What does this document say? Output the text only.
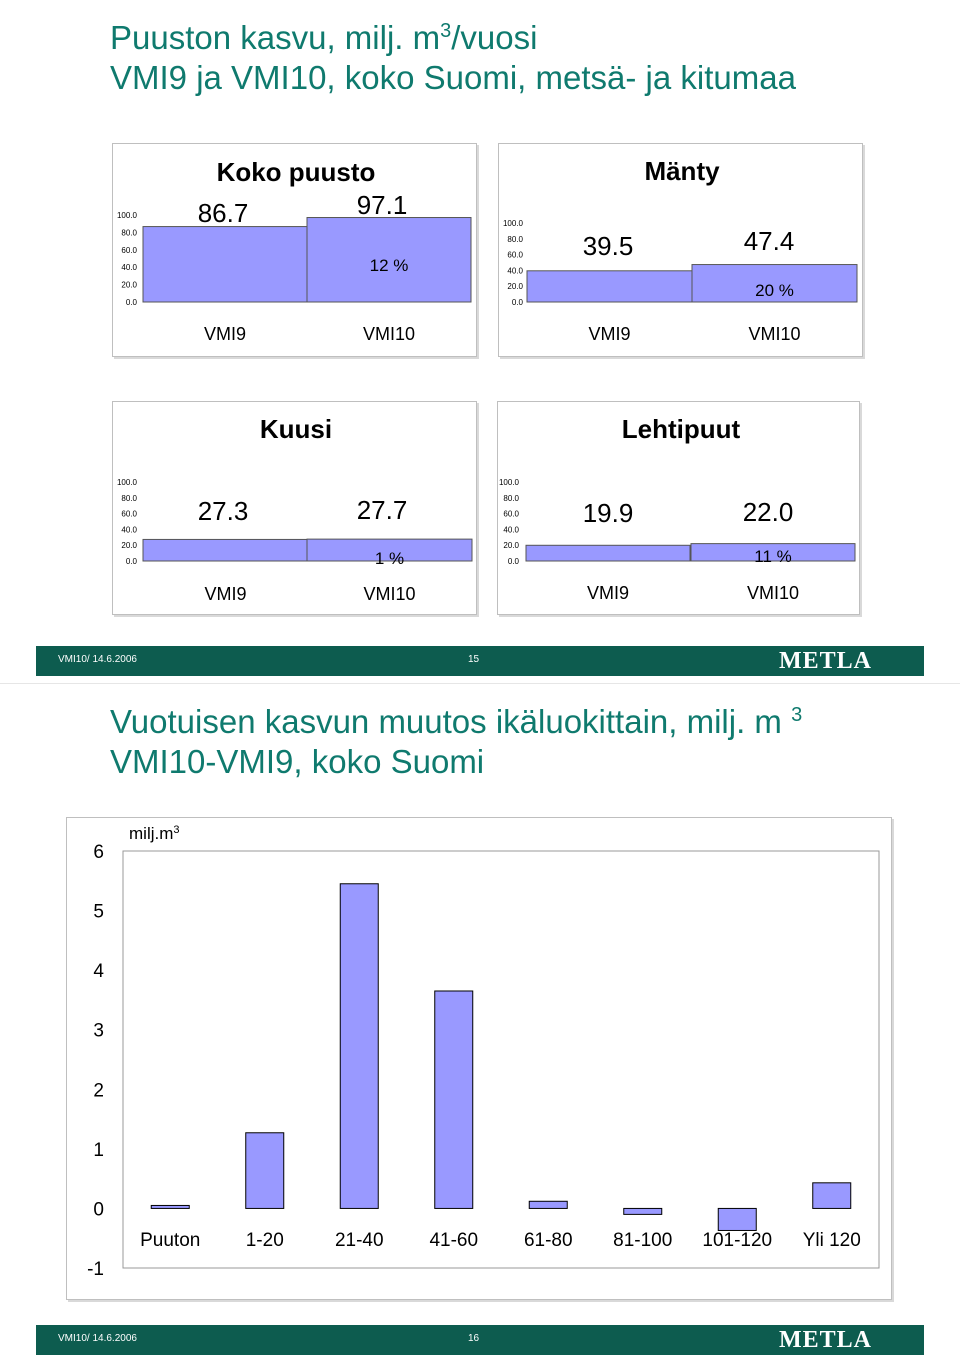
Puuston kasvu, milj. $m^3$/vuosi
VMI9 ja VMI10, koko Suomi, metsä- ja kitumaa
Koko puusto
100.0
80.0
60.0
40.0
20.0
0.0
86.7
VMI9
97.1
VMI10
12 %
Mänty
100.0
80.0
60.0
40.0
20.0
0.0
39.5
VMI9
47.4
VMI10
20 %
Kuusi
100.0
80.0
60.0
40.0
20.0
0.0
27.3
VMI9
27.7
VMI10
1 %
Lehtipuut
100.0
80.0
60.0
40.0
20.0
0.0
19.9
VMI9
22.0
VMI10
11 %
VMI10/ 14.6.2006	15	METLA
Vuotuisen kasvun muutos ikäluokittain, milj. m $^3$
VMI10-VMI9, koko Suomi
6
5
4
3
2
1
0
-1
$milj.m^3$
Puuton 1-20	21-40 41-60 61-80 81-100 101-120 Yli 120
VMI10/ 14.6.2006	16	METLA
